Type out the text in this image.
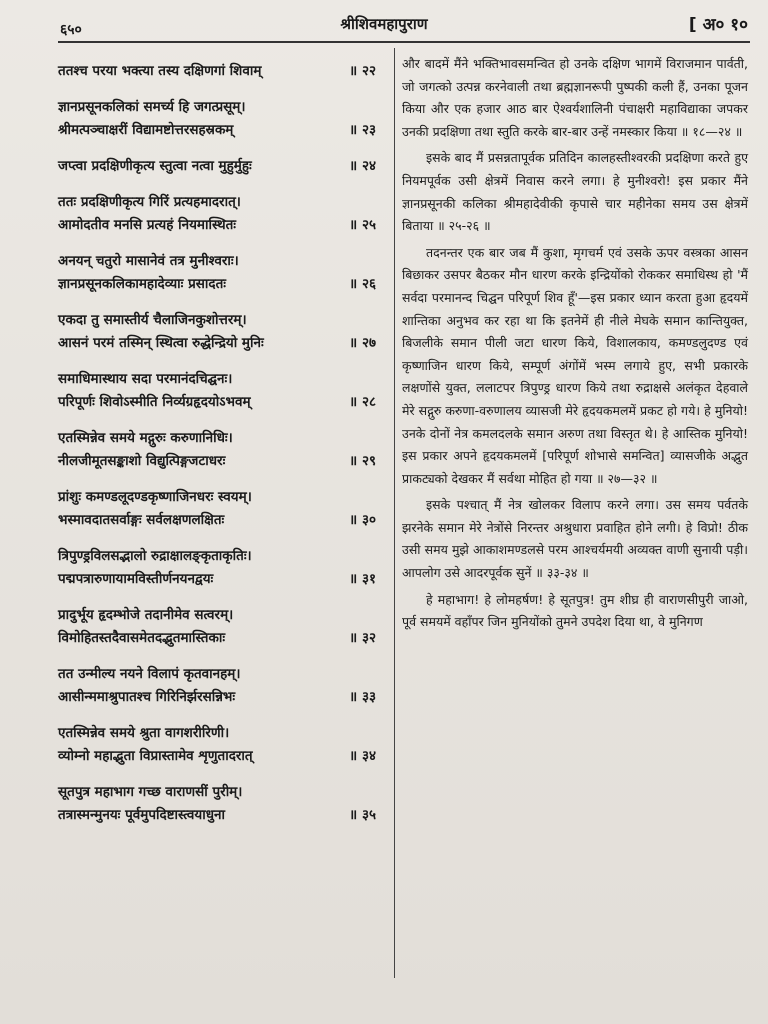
६५०	श्रीशिवमहापुराण	[ अ० १०
ततश्च परया भक्त्या तस्य दक्षिणगां शिवाम्	॥ २२
ज्ञानप्रसूनकलिकां समर्च्य हि जगत्प्रसूम्।
श्रीमत्पञ्चाक्षरीं विद्यामष्टोत्तरसहस्रकम्	॥ २३
जप्त्वा प्रदक्षिणीकृत्य स्तुत्वा नत्वा मुहुर्मुहुः	॥ २४
ततः प्रदक्षिणीकृत्य गिरिं प्रत्यहमादरात्।
आमोदतीव मनसि प्रत्यहं नियमास्थितः	॥ २५
अनयन् चतुरो मासानेवं तत्र मुनीश्वराः।
ज्ञानप्रसूनकलिकामहादेव्याः प्रसादतः	॥ २६
एकदा तु समास्तीर्य चैलाजिनकुशोत्तरम्।
आसनं परमं तस्मिन् स्थित्वा रुद्धेन्द्रियो मुनिः	॥ २७
समाधिमास्थाय सदा परमानंदचिद्घनः।
परिपूर्णः शिवोऽस्मीति निर्व्यग्रहृदयोऽभवम्	॥ २८
एतस्मिन्नेव समये मद्गुरुः करुणानिधिः।
नीलजीमूतसङ्काशो विद्युत्पिङ्गजटाधरः	॥ २९
प्रांशुः कमण्डलूदण्डकृष्णाजिनधरः स्वयम्।
भस्मावदातसर्वाङ्गः सर्वलक्षणलक्षितः	॥ ३०
त्रिपुण्ड्रविलसद्भालो रुद्राक्षालङ्कृताकृतिः।
पद्मपत्रारुणायामविस्तीर्णनयनद्वयः	॥ ३१
प्रादुर्भूय हृदम्भोजे तदानीमेव सत्वरम्।
विमोहितस्तदैवासमेतदद्भुतमास्तिकाः	॥ ३२
तत उन्मील्य नयने विलापं कृतवानहम्।
आसीन्ममाश्रुपातश्च गिरिनिर्झरसन्निभः	॥ ३३
एतस्मिन्नेव समये श्रुता वागशरीरिणी।
व्योम्नो महाद्भुता विप्रास्तामेव शृणुतादरात्	॥ ३४
सूतपुत्र महाभाग गच्छ वाराणसीं पुरीम्।
तत्रास्मन्मुनयः पूर्वमुपदिष्टास्त्वयाधुना	॥ ३५

और बादमें मैंने भक्तिभावसमन्वित हो उनके दक्षिण भागमें विराजमान पार्वती, जो जगत्को उत्पन्न करनेवाली तथा ब्रह्मज्ञानरूपी पुष्पकी कली हैं, उनका पूजन किया और एक हजार आठ बार ऐश्वर्यशालिनी पंचाक्षरी महाविद्याका जपकर उनकी प्रदक्षिणा तथा स्तुति करके बार-बार उन्हें नमस्कार किया ॥ १८—२४ ॥

इसके बाद मैं प्रसन्नतापूर्वक प्रतिदिन कालहस्तीश्वरकी प्रदक्षिणा करते हुए नियमपूर्वक उसी क्षेत्रमें निवास करने लगा। हे मुनीश्वरो! इस प्रकार मैंने ज्ञानप्रसूनकी कलिका श्रीमहादेवीकी कृपासे चार महीनेका समय उस क्षेत्रमें बिताया ॥ २५-२६ ॥

तदनन्तर एक बार जब मैं कुशा, मृगचर्म एवं उसके ऊपर वस्त्रका आसन बिछाकर उसपर बैठकर मौन धारण करके इन्द्रियोंको रोककर समाधिस्थ हो 'मैं सर्वदा परमानन्द चिद्घन परिपूर्ण शिव हूँ'—इस प्रकार ध्यान करता हुआ हृदयमें शान्तिका अनुभव कर रहा था कि इतनेमें ही नीले मेघके समान कान्तियुक्त, बिजलीके समान पीली जटा धारण किये, विशालकाय, कमण्डलुदण्ड एवं कृष्णाजिन धारण किये, सम्पूर्ण अंगोंमें भस्म लगाये हुए, सभी प्रकारके लक्षणोंसे युक्त, ललाटपर त्रिपुण्ड्र धारण किये तथा रुद्राक्षसे अलंकृत देहवाले मेरे सद्गुरु करुणा-वरुणालय व्यासजी मेरे हृदयकमलमें प्रकट हो गये। हे मुनियो! उनके दोनों नेत्र कमलदलके समान अरुण तथा विस्तृत थे। हे आस्तिक मुनियो! इस प्रकार अपने हृदयकमलमें [परिपूर्ण शोभासे समन्वित] व्यासजीके अद्भुत प्राकट्यको देखकर मैं सर्वथा मोहित हो गया ॥ २७—३२ ॥

इसके पश्चात् मैं नेत्र खोलकर विलाप करने लगा। उस समय पर्वतके झरनेके समान मेरे नेत्रोंसे निरन्तर अश्रुधारा प्रवाहित होने लगी। हे विप्रो! ठीक उसी समय मुझे आकाशमण्डलसे परम आश्चर्यमयी अव्यक्त वाणी सुनायी पड़ी। आपलोग उसे आदरपूर्वक सुनें ॥ ३३-३४ ॥

हे महाभाग! हे लोमहर्षण! हे सूतपुत्र! तुम शीघ्र ही वाराणसीपुरी जाओ, पूर्व समयमें वहाँपर जिन मुनियोंको तुमने उपदेश दिया था, वे मुनिगण
